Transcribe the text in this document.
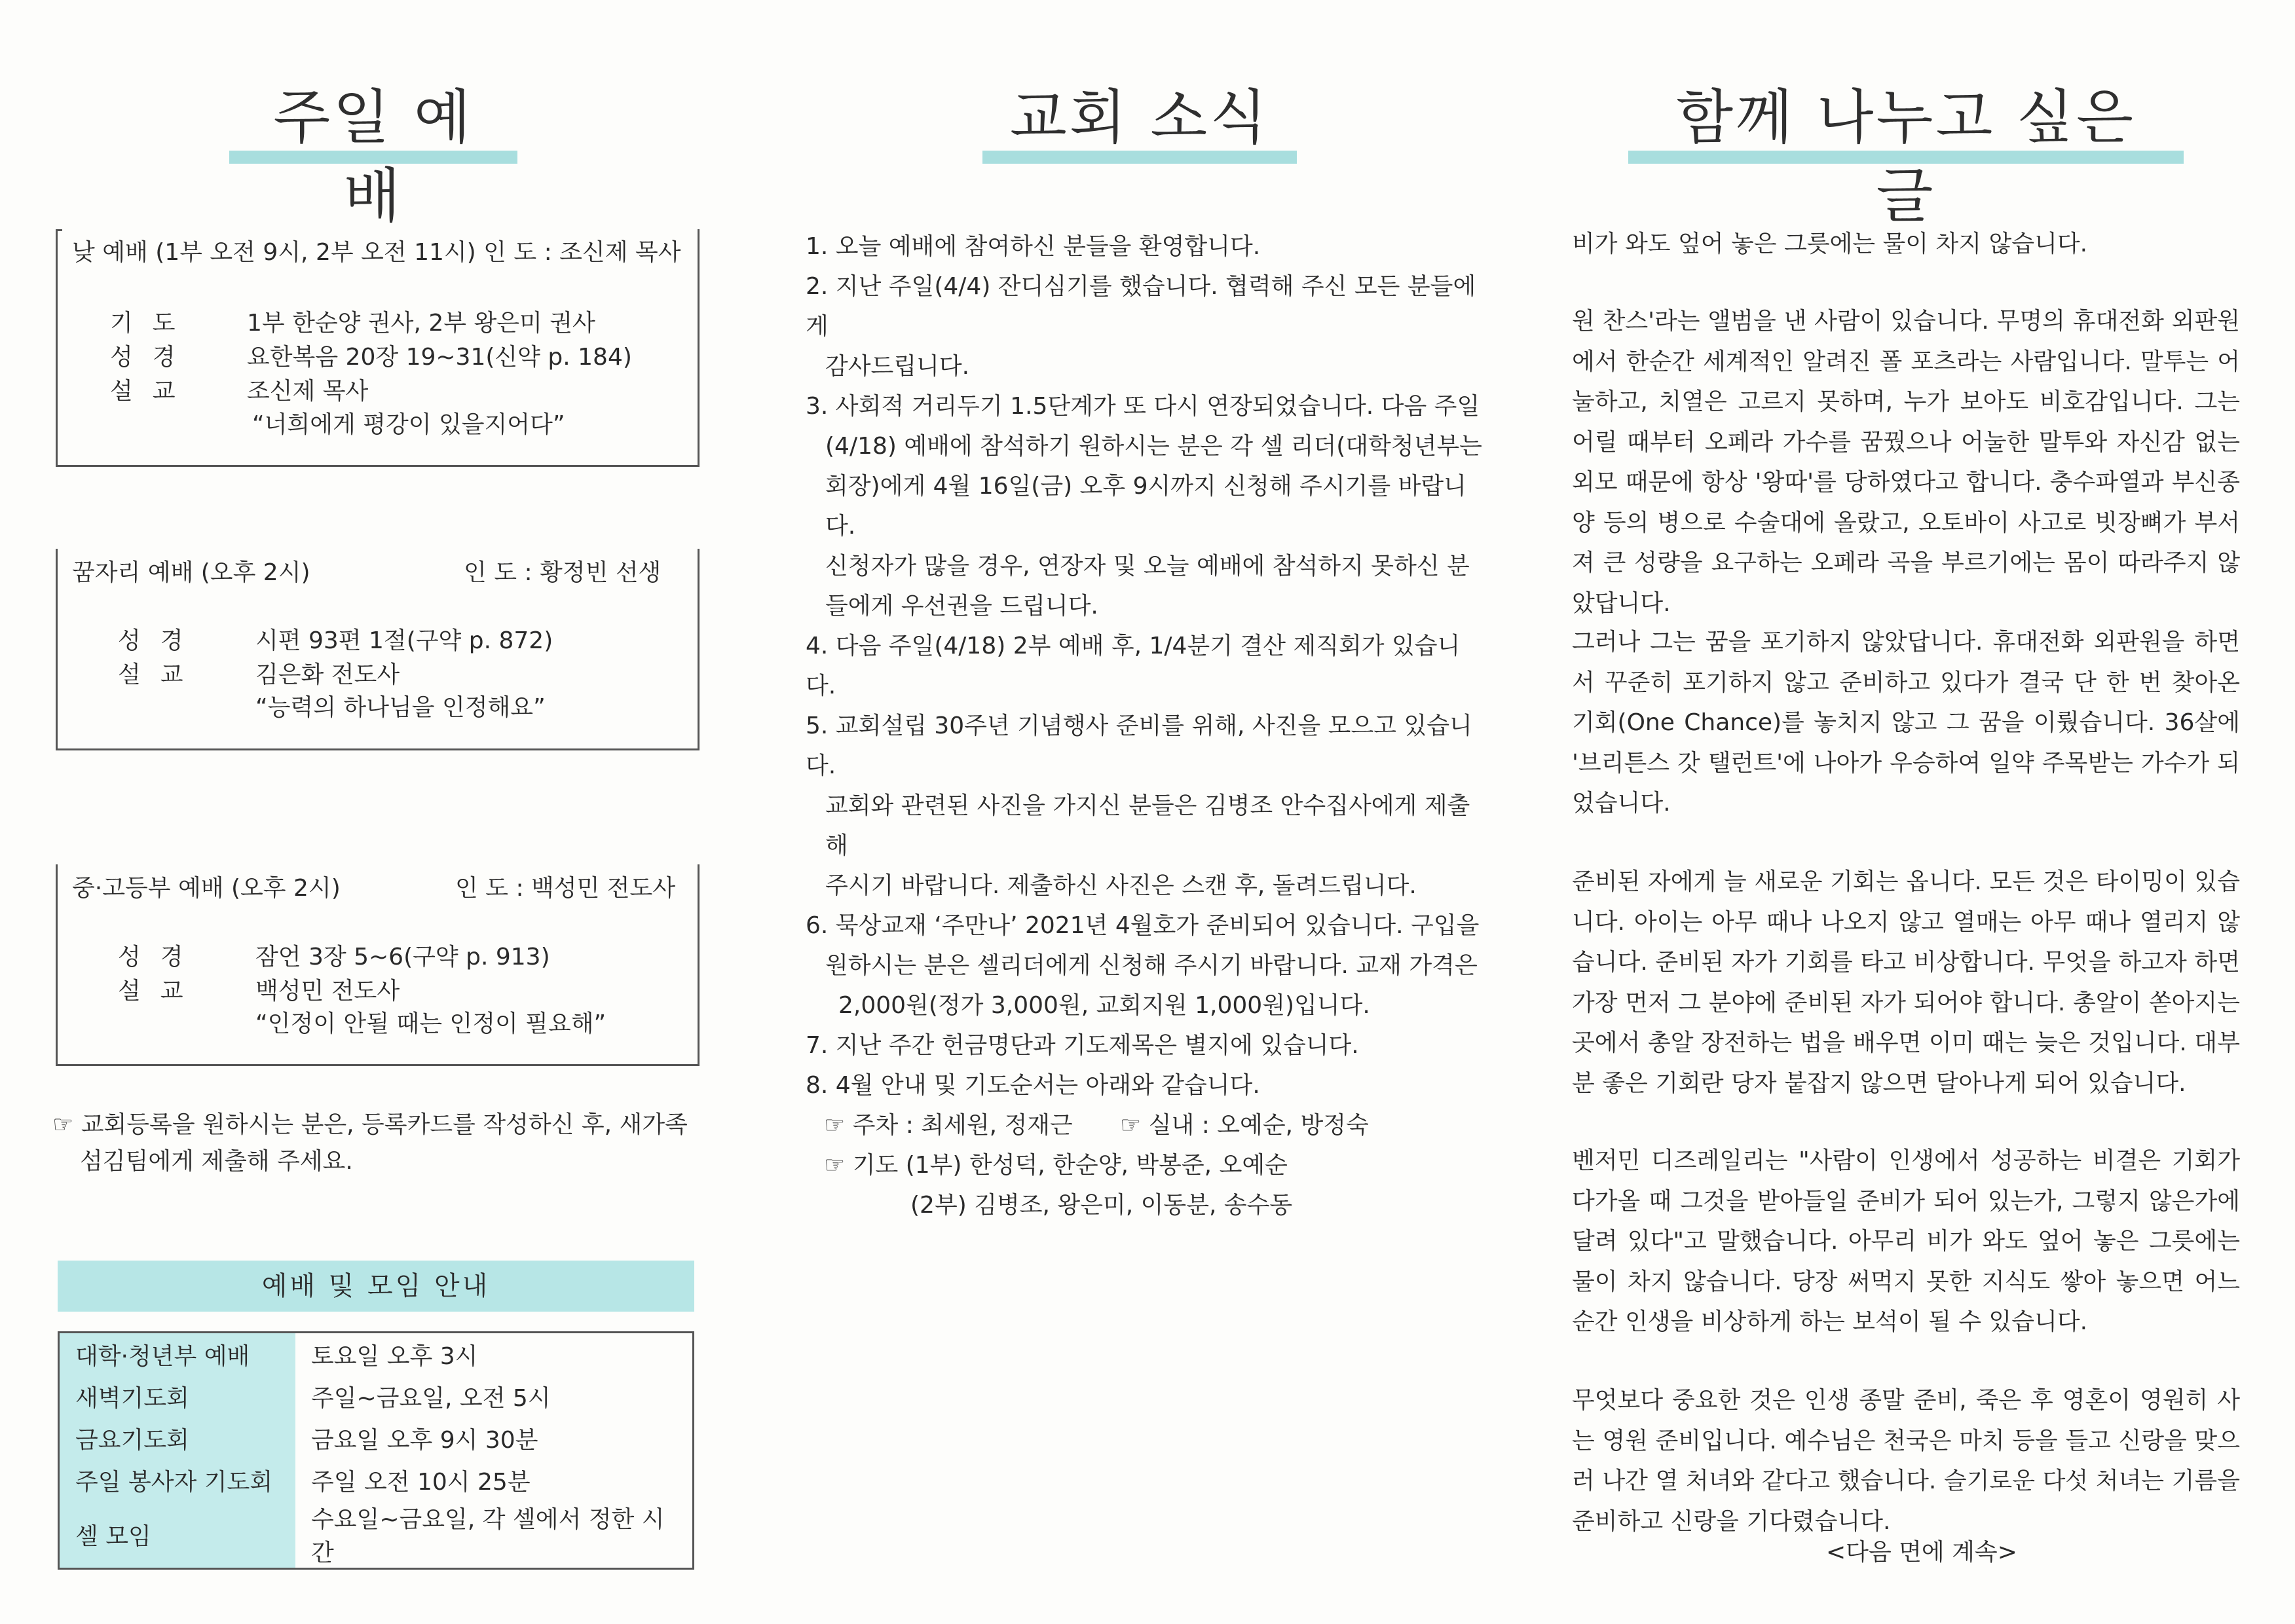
주일 예배
낮 예배 (1부 오전 9시, 2부 오전 11시) 인 도 : 조신제 목사
기도 1부 한순양 권사, 2부 왕은미 권사
성경 요한복음 20장 19~31(신약 p. 184)
설교 조신제 목사
“너희에게 평강이 있을지어다”
꿈자리 예배 (오후 2시)	인 도 : 황정빈 선생
성경 시편 93편 1절(구약 p. 872)
설교 김은화 전도사
“능력의 하나님을 인정해요”
중·고등부 예배 (오후 2시)	인 도 : 백성민 전도사
성경 잠언 3장 5~6(구약 p. 913)
설교 백성민 전도사
“인정이 안될 때는 인정이 필요해”
☞ 교회등록을 원하시는 분은, 등록카드를 작성하신 후, 새가족
섬김팀에게 제출해 주세요.
예배 및 모임 안내
대학·청년부 예배	토요일 오후 3시
새벽기도회	주일~금요일, 오전 5시
금요기도회	금요일 오후 9시 30분
주일 봉사자 기도회	주일 오전 10시 25분
셀 모임	수요일~금요일, 각 셀에서 정한 시간
교회 소식

1. 오늘 예배에 참여하신 분들을 환영합니다.

2. 지난 주일(4/4) 잔디심기를 했습니다. 협력해 주신 모든 분들에게

감사드립니다.

3. 사회적 거리두기 1.5단계가 또 다시 연장되었습니다. 다음 주일

(4/18) 예배에 참석하기 원하시는 분은 각 셀 리더(대학청년부는

회장)에게 4월 16일(금) 오후 9시까지 신청해 주시기를 바랍니다.

신청자가 많을 경우, 연장자 및 오늘 예배에 참석하지 못하신 분

들에게 우선권을 드립니다.

4. 다음 주일(4/18) 2부 예배 후, 1/4분기 결산 제직회가 있습니다.

5. 교회설립 30주년 기념행사 준비를 위해, 사진을 모으고 있습니다.

교회와 관련된 사진을 가지신 분들은 김병조 안수집사에게 제출해

주시기 바랍니다. 제출하신 사진은 스캔 후, 돌려드립니다.

6. 묵상교재 ‘주만나’ 2021년 4월호가 준비되어 있습니다. 구입을

원하시는 분은 셀리더에게 신청해 주시기 바랍니다. 교재 가격은

2,000원(정가 3,000원, 교회지원 1,000원)입니다.

7. 지난 주간 헌금명단과 기도제목은 별지에 있습니다.

8. 4월 안내 및 기도순서는 아래와 같습니다.

☞ 주차 : 최세원, 정재근 ☞ 실내 : 오예순, 방정숙

☞ 기도 (1부) 한성덕, 한순양, 박봉준, 오예순

(2부) 김병조, 왕은미, 이동분, 송수동

함께 나누고 싶은 글

비가 와도 엎어 놓은 그릇에는 물이 차지 않습니다.

원 찬스'라는 앨범을 낸 사람이 있습니다. 무명의 휴대전화 외판원에서 한순간 세계적인 알려진 폴 포츠라는 사람입니다. 말투는 어눌하고, 치열은 고르지 못하며, 누가 보아도 비호감입니다. 그는 어릴 때부터 오페라 가수를 꿈꿨으나 어눌한 말투와 자신감 없는 외모 때문에 항상 '왕따'를 당하였다고 합니다. 충수파열과 부신종양 등의 병으로 수술대에 올랐고, 오토바이 사고로 빗장뼈가 부서져 큰 성량을 요구하는 오페라 곡을 부르기에는 몸이 따라주지 않았답니다.

그러나 그는 꿈을 포기하지 않았답니다. 휴대전화 외판원을 하면서 꾸준히 포기하지 않고 준비하고 있다가 결국 단 한 번 찾아온 기회(One Chance)를 놓치지 않고 그 꿈을 이뤘습니다. 36살에 '브리튼스 갓 탤런트'에 나아가 우승하여 일약 주목받는 가수가 되었습니다.

준비된 자에게 늘 새로운 기회는 옵니다. 모든 것은 타이밍이 있습니다. 아이는 아무 때나 나오지 않고 열매는 아무 때나 열리지 않습니다. 준비된 자가 기회를 타고 비상합니다. 무엇을 하고자 하면 가장 먼저 그 분야에 준비된 자가 되어야 합니다. 총알이 쏟아지는 곳에서 총알 장전하는 법을 배우면 이미 때는 늦은 것입니다. 대부분 좋은 기회란 당자 붙잡지 않으면 달아나게 되어 있습니다.

벤저민 디즈레일리는 "사람이 인생에서 성공하는 비결은 기회가 다가올 때 그것을 받아들일 준비가 되어 있는가, 그렇지 않은가에 달려 있다"고 말했습니다. 아무리 비가 와도 엎어 놓은 그릇에는 물이 차지 않습니다. 당장 써먹지 못한 지식도 쌓아 놓으면 어느 순간 인생을 비상하게 하는 보석이 될 수 있습니다.

무엇보다 중요한 것은 인생 종말 준비, 죽은 후 영혼이 영원히 사는 영원 준비입니다. 예수님은 천국은 마치 등을 들고 신랑을 맞으러 나간 열 처녀와 같다고 했습니다. 슬기로운 다섯 처녀는 기름을 준비하고 신랑을 기다렸습니다.

<다음 면에 계속>
